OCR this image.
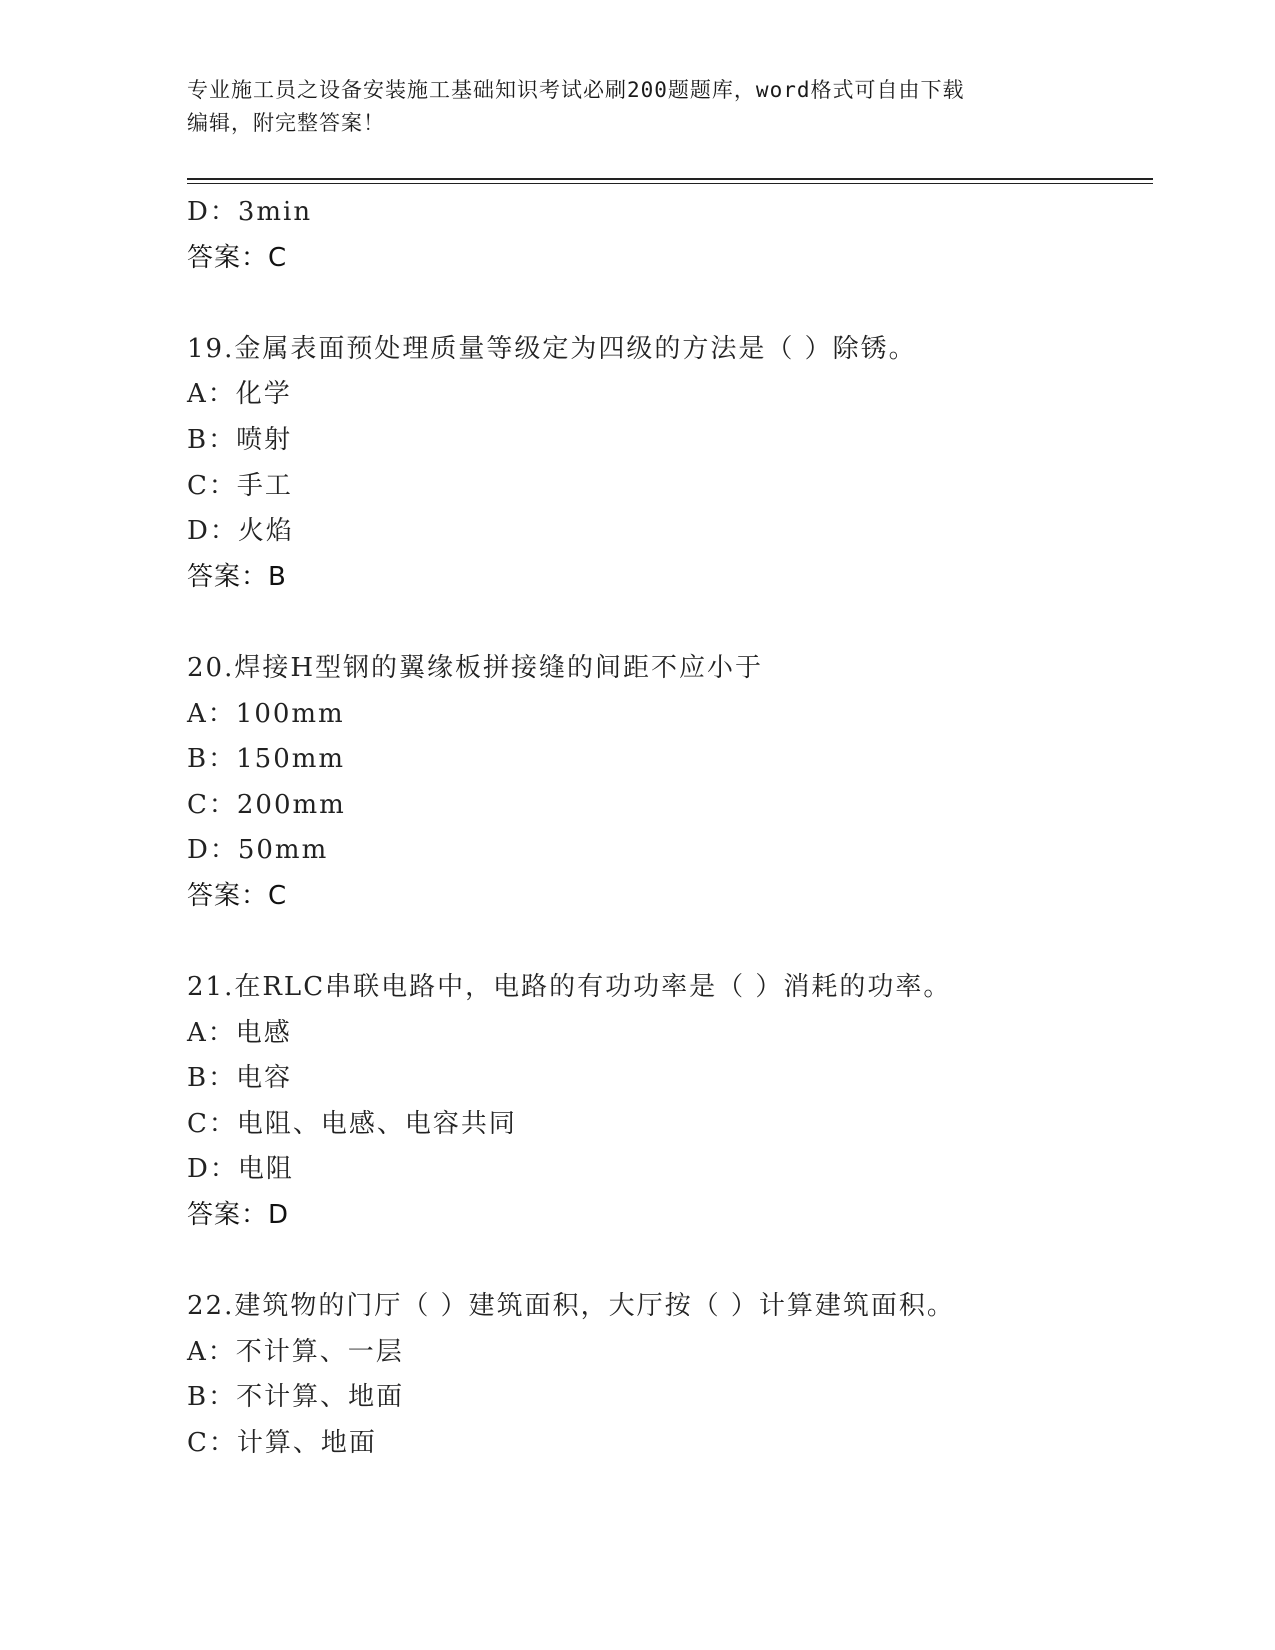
专业施工员之设备安装施工基础知识考试必刷200题题库，word格式可自由下载
编辑，附完整答案！
D：3min
答案：C
19.金属表面预处理质量等级定为四级的方法是（ ）除锈。
A：化学
B：喷射
C：手工
D：火焰
答案：B
20.焊接H型钢的翼缘板拼接缝的间距不应小于
A：100mm
B：150mm
C：200mm
D：50mm
答案：C
21.在RLC串联电路中，电路的有功功率是（ ）消耗的功率。
A：电感
B：电容
C：电阻、电感、电容共同
D：电阻
答案：D
22.建筑物的门厅（ ）建筑面积，大厅按（ ）计算建筑面积。
A：不计算、一层
B：不计算、地面
C：计算、地面
